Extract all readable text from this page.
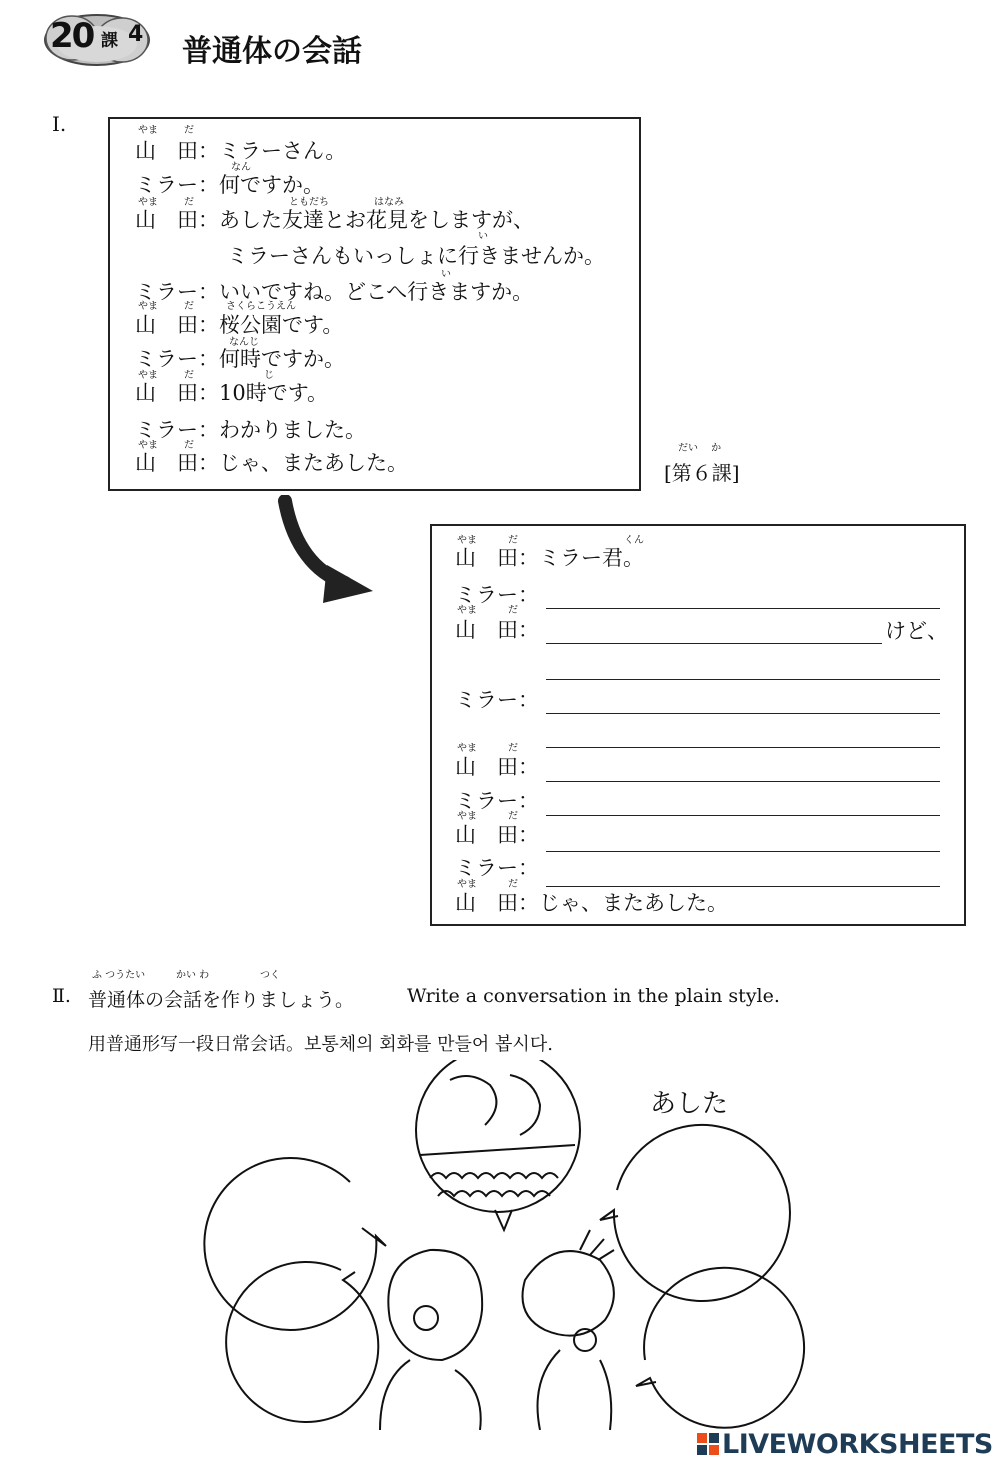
20 課 4 普通体の会話
Ⅰ.	やま	だ
なん
やま	だ	ともだち	はなみ
い
い
やま	だ	さくらこうえん
なんじ
やま	だ	じ
やま	だ
山　田：ミラーさん。
ミラー：何ですか。
山　田：あした友達とお花見をしますが、
ミラーさんもいっしょに行きませんか。
ミラー：いいですね。どこへ行きますか。
山　田：桜公園です。
ミラー：何時ですか。
山　田：10時です。
ミラー：わかりました。
山　田：じゃ、またあした。
だい　 か
[第６課]
やま	だ	くん
山　田：ミラー君。
ミラー：
やま	だ
山　田：	けど、
ミラー：
やま	だ
山　田：
ミラー：
やま	だ
山　田：
ミラー：
やま	だ
山　田：じゃ、またあした。
ふ つうたい	かい わ	つく
Ⅱ. 普通体の会話を作りましょう。	Write a conversation in the plain style.
用普通形写一段日常会话。보통체의 회화를 만들어 봅시다.
あした
LIVEWORKSHEETS
